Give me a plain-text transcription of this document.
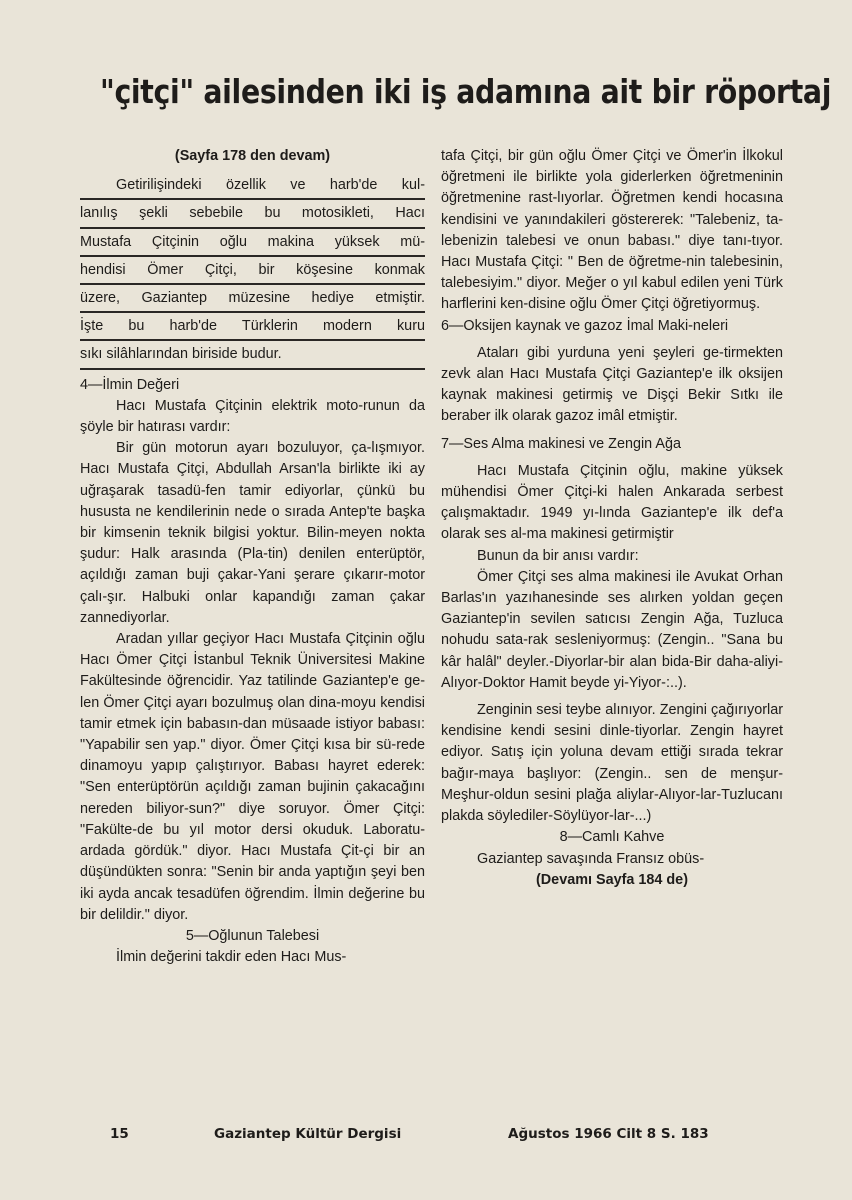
"çitçi" ailesinden iki iş adamına ait bir röportaj

(Sayfa 178 den devam)

Getirilişindeki özellik ve harb'de kul-

lanılış şekli sebebile bu motosikleti, Hacı

Mustafa Çitçinin oğlu makina yüksek mü-

hendisi Ömer Çitçi, bir köşesine konmak

üzere, Gaziantep müzesine hediye etmiştir.

İşte bu harb'de Türklerin modern kuru

sıkı silâhlarından biriside budur.

4—İlmin Değeri

Hacı Mustafa Çitçinin elektrik moto-runun da şöyle bir hatırası vardır:

Bir gün motorun ayarı bozuluyor, ça-lışmıyor. Hacı Mustafa Çitçi, Abdullah Arsan'la birlikte iki ay uğraşarak tasadü-fen tamir ediyorlar, çünkü bu hususta ne kendilerinin nede o sırada Antep'te başka bir kimsenin teknik bilgisi yoktur. Bilin-meyen nokta şudur: Halk arasında (Pla-tin) denilen enterüptör, açıldığı zaman buji çakar-Yani şerare çıkarır-motor çalı-şır. Halbuki onlar kapandığı zaman çakar zannediyorlar.

Aradan yıllar geçiyor Hacı Mustafa Çitçinin oğlu Hacı Ömer Çitçi İstanbul Teknik Üniversitesi Makine Fakültesinde öğrencidir. Yaz tatilinde Gaziantep'e ge-len Ömer Çitçi ayarı bozulmuş olan dina-moyu kendisi tamir etmek için babasın-dan müsaade istiyor babası: "Yapabilir sen yap." diyor. Ömer Çitçi kısa bir sü-rede dinamoyu yapıp çalıştırıyor. Babası hayret ederek: "Sen enterüptörün açıldığı zaman bujinin çakacağını nereden biliyor-sun?" diye soruyor. Ömer Çitçi: "Fakülte-de bu yıl motor dersi okuduk. Laboratu-ardada gördük." diyor. Hacı Mustafa Çit-çi bir an düşündükten sonra: "Senin bir anda yaptığın şeyi ben iki ayda ancak tesadüfen öğrendim. İlmin değerine bu bir delildir." diyor.

5—Oğlunun Talebesi

İlmin değerini takdir eden Hacı Mus-

tafa Çitçi, bir gün oğlu Ömer Çitçi ve Ömer'in İlkokul öğretmeni ile birlikte yola giderlerken öğretmeninin öğretmenine rast-lıyorlar. Öğretmen kendi hocasına kendisini ve yanındakileri göstererek: "Talebeniz, ta-lebenizin talebesi ve onun babası." diye tanı-tıyor. Hacı Mustafa Çitçi: " Ben de öğretme-nin talebesinin, talebesiyim." diyor. Meğer o yıl kabul edilen yeni Türk harflerini ken-disine oğlu Ömer Çitçi öğretiyormuş.

6—Oksijen kaynak ve gazoz İmal Maki-neleri

Ataları gibi yurduna yeni şeyleri ge-tirmekten zevk alan Hacı Mustafa Çitçi Gaziantep'e ilk oksijen kaynak makinesi getirmiş ve Dişçi Bekir Sıtkı ile beraber ilk olarak gazoz imâl etmiştir.

7—Ses Alma makinesi ve Zengin Ağa

Hacı Mustafa Çitçinin oğlu, makine yüksek mühendisi Ömer Çitçi-ki halen Ankarada serbest çalışmaktadır. 1949 yı-lında Gaziantep'e ilk def'a olarak ses al-ma makinesi getirmiştir

Bunun da bir anısı vardır:

Ömer Çitçi ses alma makinesi ile Avukat Orhan Barlas'ın yazıhanesinde ses alırken yoldan geçen Gaziantep'in sevilen satıcısı Zengin Ağa, Tuzluca nohudu sata-rak sesleniyormuş: (Zengin.. "Sana bu kâr halâl" deyler.-Diyorlar-bir alan bida-Bir daha-aliyi-Alıyor-Doktor Hamit beyde yi-Yiyor-:..).

Zenginin sesi teybe alınıyor. Zengini çağırıyorlar kendisine kendi sesini dinle-tiyorlar. Zengin hayret ediyor. Satış için yoluna devam ettiği sırada tekrar bağır-maya başlıyor: (Zengin.. sen de menşur-Meşhur-oldun sesini plağa aliylar-Alıyor-lar-Tuzlucanı plakda söylediler-Söylüyor-lar-...)

8—Camlı Kahve

Gaziantep savaşında Fransız obüs-

(Devamı Sayfa 184 de)

15	Gaziantep Kültür Dergisi	Ağustos 1966 Cilt 8 S. 183
